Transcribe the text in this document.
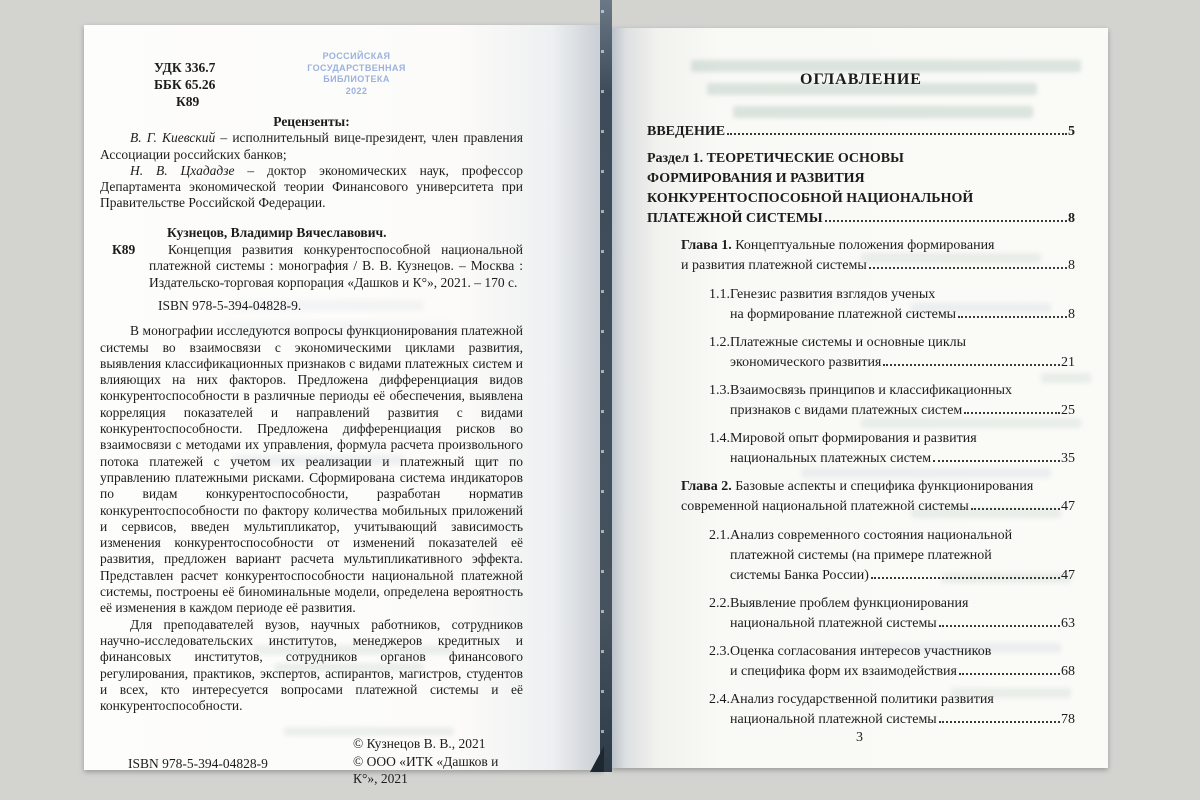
РОССИЙСКАЯ
ГОСУДАРСТВЕННАЯ
БИБЛИОТЕКА
2022
УДК 336.7
ББК 65.26
К89
Рецензенты:

В. Г. Киевский – исполнительный вице-президент, член правления Ассоциации российских банков;

Н. В. Цхададзе – доктор экономических наук, профессор Департамента экономической теории Финансового университета при Правительстве Российской Федерации.

Кузнецов, Владимир Вячеславович.

К89	Концепция развития конкурентоспособной национальной платежной системы : монография / В. В. Кузнецов. – Москва : Издательско-торговая корпорация «Дашков и К°», 2021. – 170 с.

ISBN 978-5-394-04828-9.

В монографии исследуются вопросы функционирования платежной системы во взаимосвязи с экономическими циклами развития, выявления классификационных признаков с видами платежных систем и влияющих на них факторов. Предложена дифференциация видов конкурентоспособности в различные периоды её обеспечения, выявлена корреляция показателей и направлений развития с видами конкурентоспособности. Предложена дифференциация рисков во взаимосвязи с методами их управления, формула расчета произвольного потока платежей с учетом их реализации и платежный щит по управлению платежными рисками. Сформирована система индикаторов по видам конкурентоспособности, разработан норматив конкурентоспособности по фактору количества мобильных приложений и сервисов, введен мультипликатор, учитывающий зависимость изменения конкурентоспособности от изменений показателей её развития, предложен вариант расчета мультипликативного эффекта. Представлен расчет конкурентоспособности национальной платежной системы, построены её биноминальные модели, определена вероятность её изменения в каждом периоде её развития.

Для преподавателей вузов, научных работников, сотрудников научно-исследовательских институтов, менеджеров кредитных и финансовых институтов, сотрудников органов финансового регулирования, практиков, экспертов, аспирантов, магистров, студентов и всех, кто интересуется вопросами платежной системы и её конкурентоспособности.

ISBN 978-5-394-04828-9
© Кузнецов В. В., 2021
© ООО «ИТК «Дашков и К°», 2021
ОГЛАВЛЕНИЕ
ВВЕДЕНИЕ	5
Раздел 1. ТЕОРЕТИЧЕСКИЕ ОСНОВЫ
ФОРМИРОВАНИЯ И РАЗВИТИЯ
КОНКУРЕНТОСПОСОБНОЙ НАЦИОНАЛЬНОЙ
ПЛАТЕЖНОЙ СИСТЕМЫ	8
Глава 1. Концептуальные положения формирования
и развития платежной системы	8
1.1. Генезис развития взглядов ученых
на формирование платежной системы	8
1.2. Платежные системы и основные циклы
экономического развития	21
1.3. Взаимосвязь принципов и классификационных
признаков с видами платежных систем	25
1.4. Мировой опыт формирования и развития
национальных платежных систем	35
Глава 2. Базовые аспекты и специфика функционирования
современной национальной платежной системы	47
2.1. Анализ современного состояния национальной
платежной системы (на примере платежной
системы Банка России)	47
2.2. Выявление проблем функционирования
национальной платежной системы	63
2.3. Оценка согласования интересов участников
и специфика форм их взаимодействия	68
2.4. Анализ государственной политики развития
национальной платежной системы	78
3
